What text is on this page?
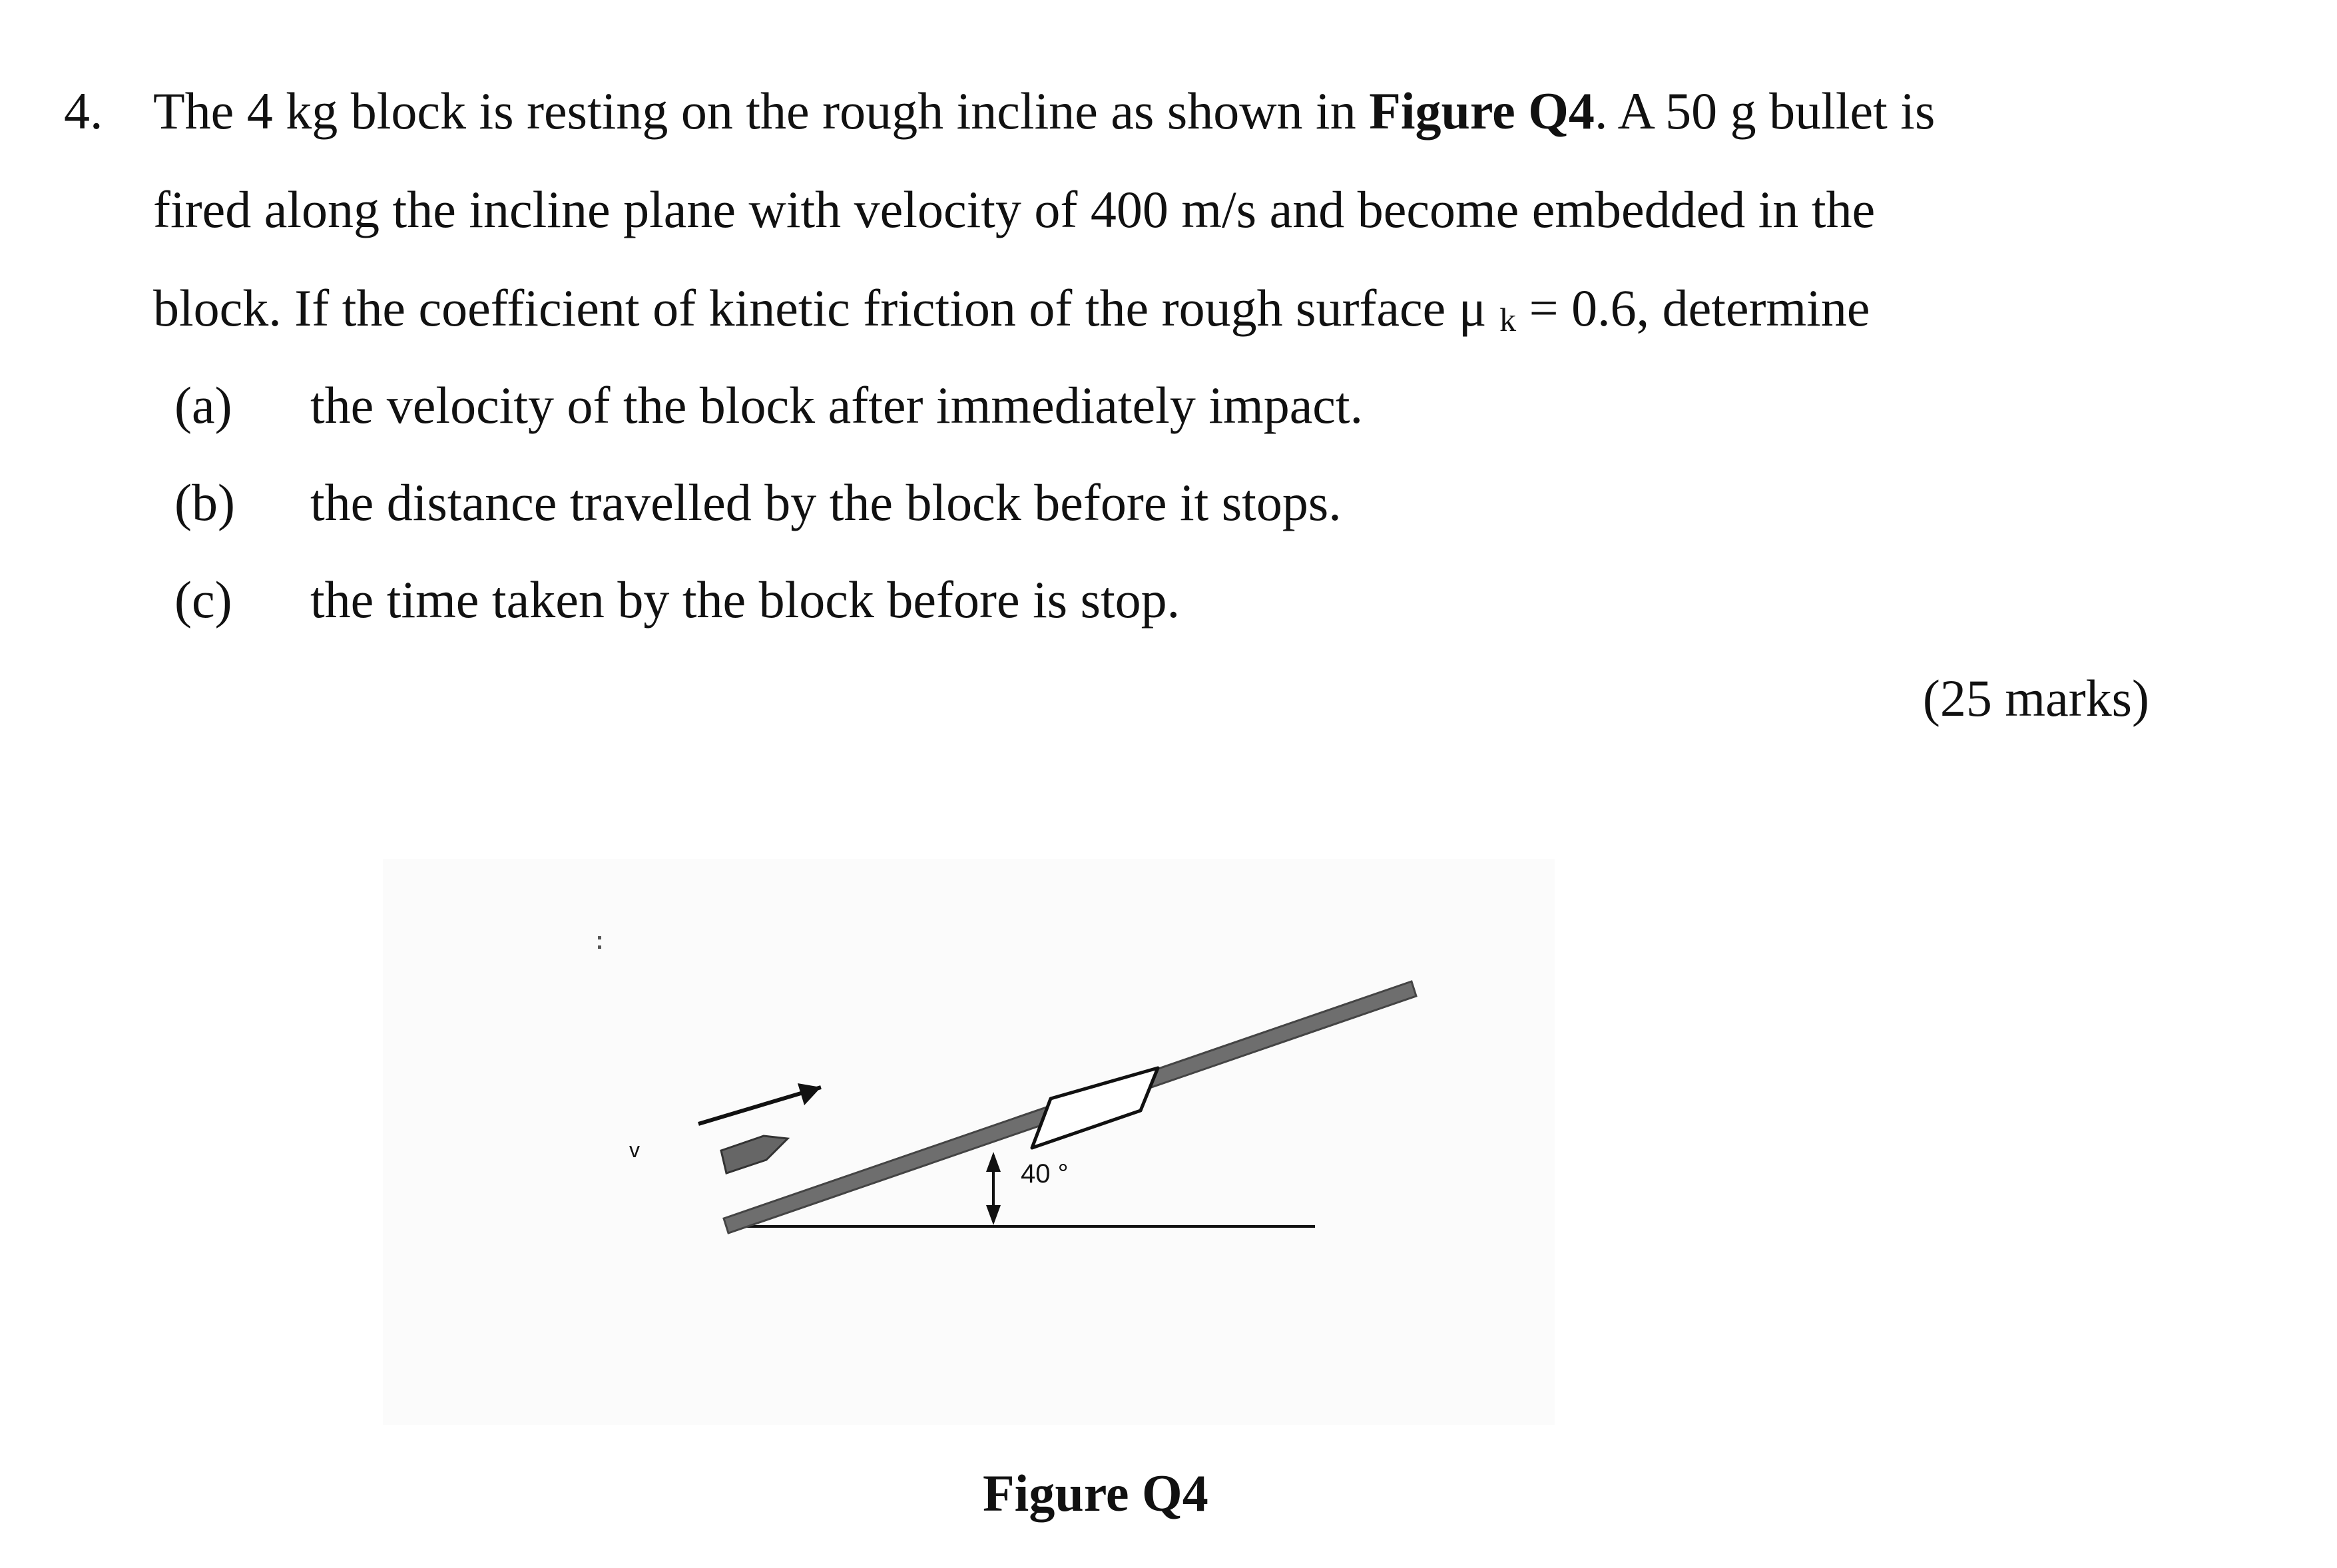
4. The 4 kg block is resting on the rough incline as shown in Figure Q4. A 50 g bullet is
fired along the incline plane with velocity of 400 m/s and become embedded in the
block. If the coefficient of kinetic friction of the rough surface μ k = 0.6, determine
(a) the velocity of the block after immediately impact.
(b) the distance travelled by the block before it stops.
(c) the time taken by the block before is stop.
(25 marks)
v
40 °
Figure Q4
